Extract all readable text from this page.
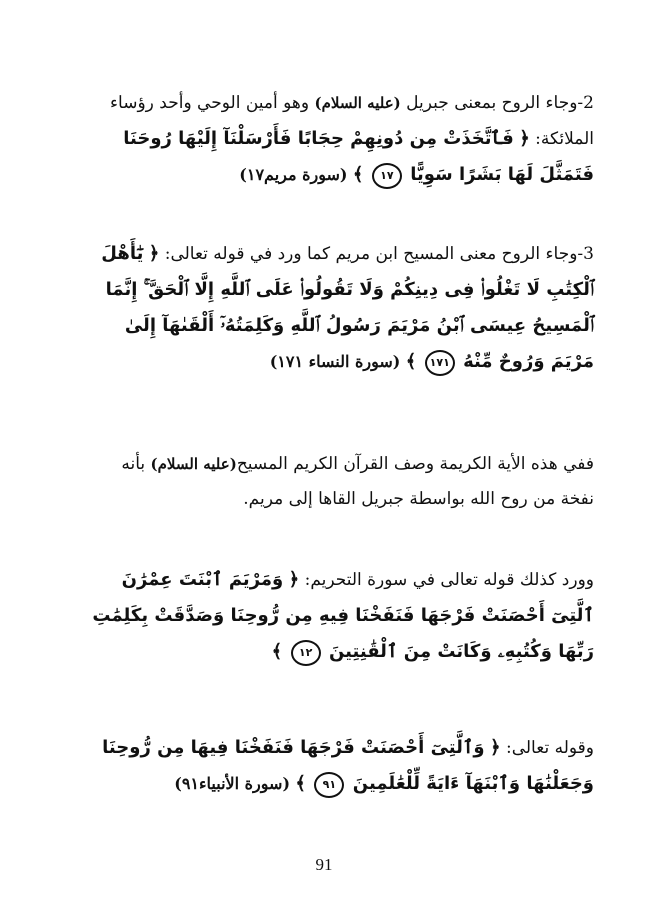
2-وجاء الروح بمعنى جبريل (عليه السلام) وهو أمين الوحي وأحد رؤساء الملائكة: ﴿ فَٱتَّخَذَتْ مِن دُونِهِمْ حِجَابًا فَأَرْسَلْنَآ إِلَيْهَا رُوحَنَا فَتَمَثَّلَ لَهَا بَشَرًا سَوِيًّا ١٧ ﴾ (سورة مريم١٧)
3-وجاء الروح معنى المسيح ابن مريم كما ورد في قوله تعالى: ﴿ يَٰٓأَهْلَ ٱلْكِتَٰبِ لَا تَغْلُوا۟ فِى دِينِكُمْ وَلَا تَقُولُوا۟ عَلَى ٱللَّهِ إِلَّا ٱلْحَقَّ ۚ إِنَّمَا ٱلْمَسِيحُ عِيسَى ٱبْنُ مَرْيَمَ رَسُولُ ٱللَّهِ وَكَلِمَتُهُۥٓ أَلْقَىٰهَآ إِلَىٰ مَرْيَمَ وَرُوحٌ مِّنْهُ ١٧١ ﴾ (سورة النساء ١٧١)
ففي هذه الأية الكريمة وصف القرآن الكريم المسيح(عليه السلام) بأنه نفخة من روح الله بواسطة جبريل القاها إلى مريم.
وورد كذلك قوله تعالى في سورة التحريم: ﴿ وَمَرْيَمَ ٱبْنَتَ عِمْرَٰنَ ٱلَّتِىٓ أَحْصَنَتْ فَرْجَهَا فَنَفَخْنَا فِيهِ مِن رُّوحِنَا وَصَدَّقَتْ بِكَلِمَٰتِ رَبِّهَا وَكُتُبِهِۦ وَكَانَتْ مِنَ ٱلْقَٰنِتِينَ ١٢ ﴾
وقوله تعالى: ﴿ وَٱلَّتِىٓ أَحْصَنَتْ فَرْجَهَا فَنَفَخْنَا فِيهَا مِن رُّوحِنَا وَجَعَلْنَٰهَا وَٱبْنَهَآ ءَايَةً لِّلْعَٰلَمِينَ ٩١ ﴾ (سورة الأنبياء٩١)
91
